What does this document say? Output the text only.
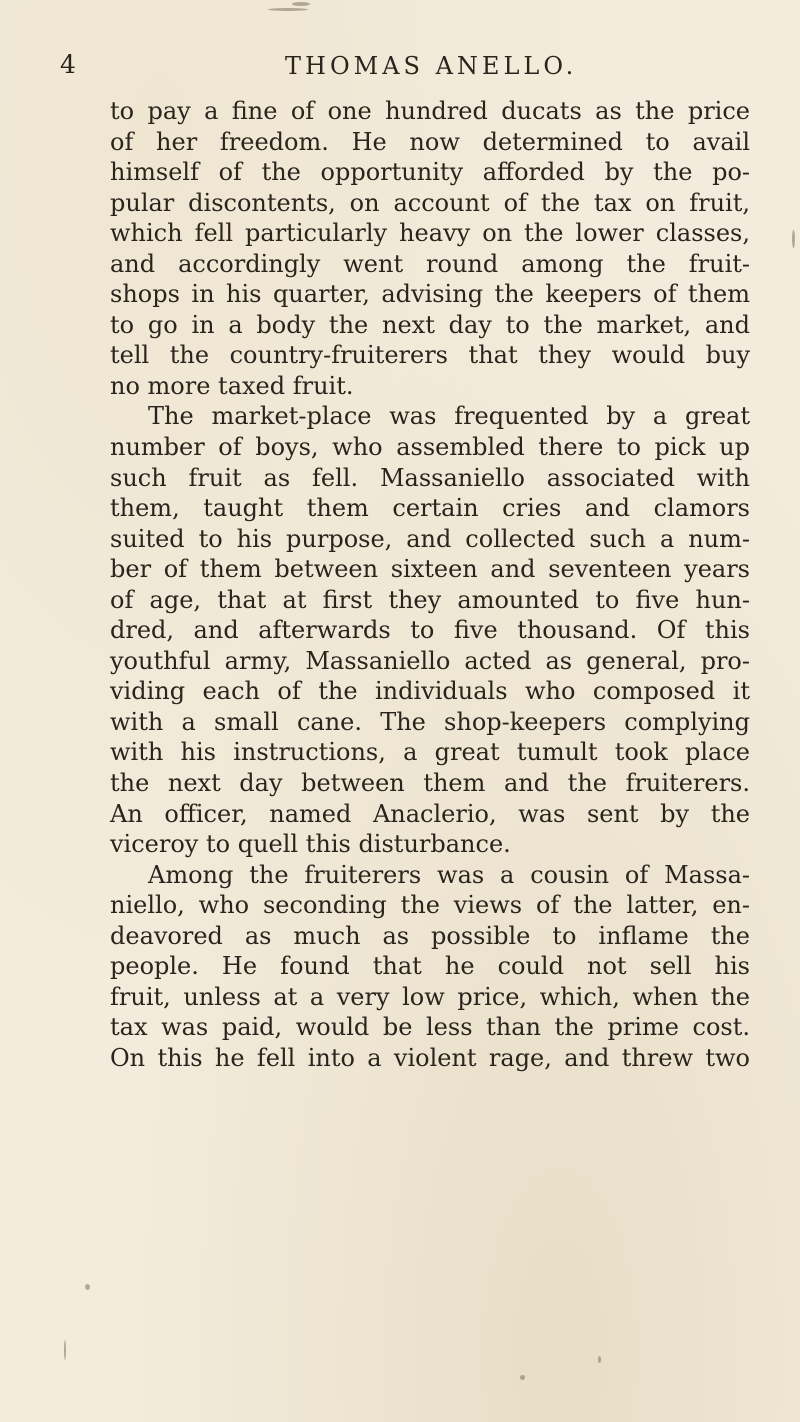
4	THOMAS ANELLO.
to pay a fine of one hundred ducats as the price
of her freedom. He now determined to avail
himself of the opportunity afforded by the po-
pular discontents, on account of the tax on fruit,
which fell particularly heavy on the lower classes,
and accordingly went round among the fruit-
shops in his quarter, advising the keepers of them
to go in a body the next day to the market, and
tell the country-fruiterers that they would buy
no more taxed fruit.
The market-place was frequented by a great
number of boys, who assembled there to pick up
such fruit as fell. Massaniello associated with
them, taught them certain cries and clamors
suited to his purpose, and collected such a num-
ber of them between sixteen and seventeen years
of age, that at first they amounted to five hun-
dred, and afterwards to five thousand. Of this
youthful army, Massaniello acted as general, pro-
viding each of the individuals who composed it
with a small cane. The shop-keepers complying
with his instructions, a great tumult took place
the next day between them and the fruiterers.
An officer, named Anaclerio, was sent by the
viceroy to quell this disturbance.
Among the fruiterers was a cousin of Massa-
niello, who seconding the views of the latter, en-
deavored as much as possible to inflame the
people. He found that he could not sell his
fruit, unless at a very low price, which, when the
tax was paid, would be less than the prime cost.
On this he fell into a violent rage, and threw two
